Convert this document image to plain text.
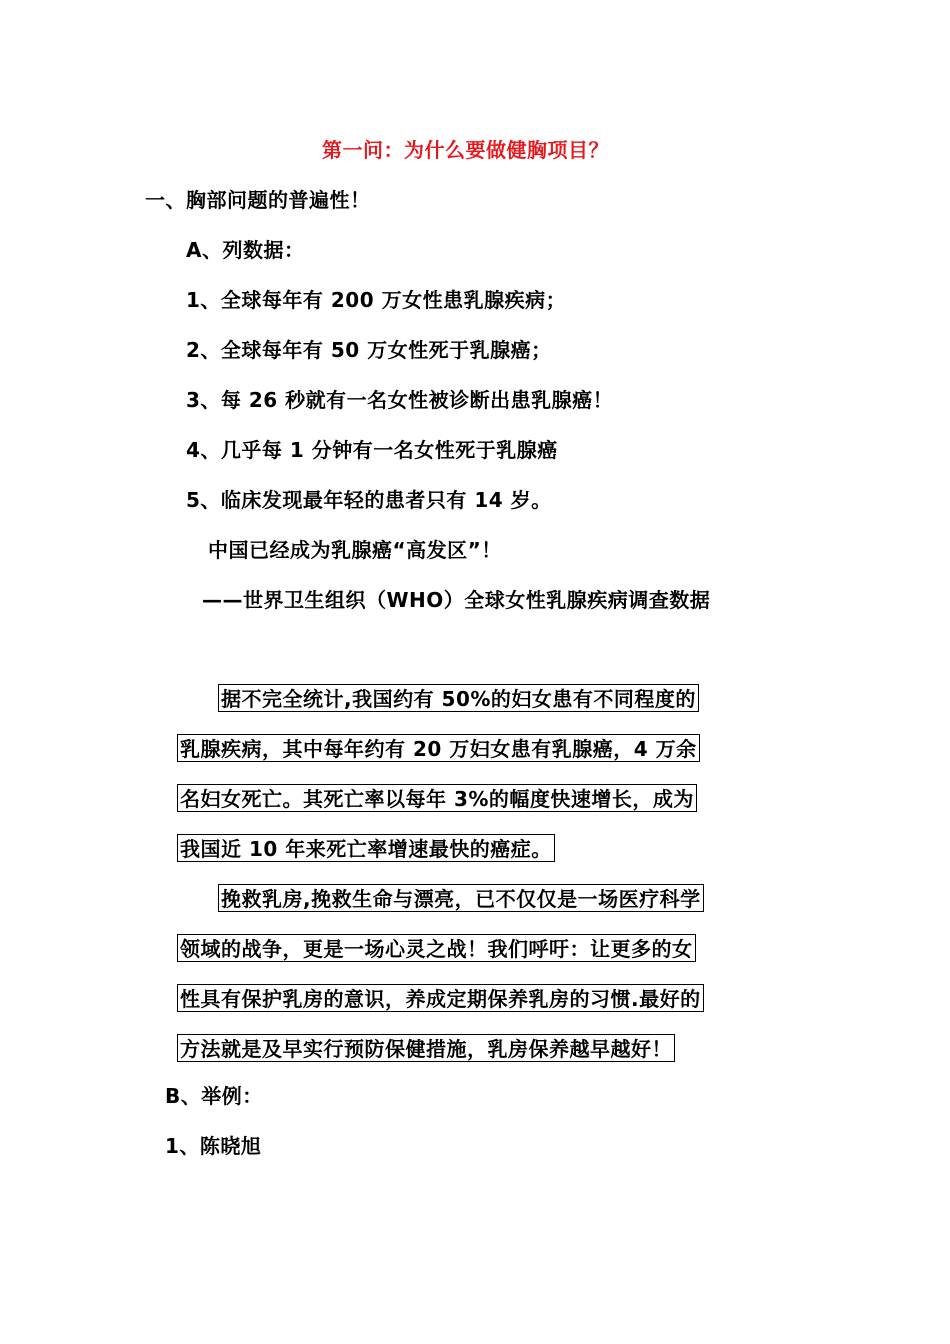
第一问：为什么要做健胸项目？
一、胸部问题的普遍性！
A、列数据：
1、全球每年有 200 万女性患乳腺疾病；
2、全球每年有 50 万女性死于乳腺癌；
3、每 26 秒就有一名女性被诊断出患乳腺癌！
4、几乎每 1 分钟有一名女性死于乳腺癌
5、临床发现最年轻的患者只有 14 岁。
中国已经成为乳腺癌“高发区”！
——世界卫生组织（WHO）全球女性乳腺疾病调查数据
据不完全统计,我国约有 50%的妇女患有不同程度的
乳腺疾病，其中每年约有 20 万妇女患有乳腺癌，4 万余
名妇女死亡。其死亡率以每年 3%的幅度快速增长，成为
我国近 10 年来死亡率增速最快的癌症。
挽救乳房,挽救生命与漂亮，已不仅仅是一场医疗科学
领域的战争，更是一场心灵之战！我们呼吁：让更多的女
性具有保护乳房的意识，养成定期保养乳房的习惯.最好的
方法就是及早实行预防保健措施，乳房保养越早越好！
B、举例：
1、陈晓旭
